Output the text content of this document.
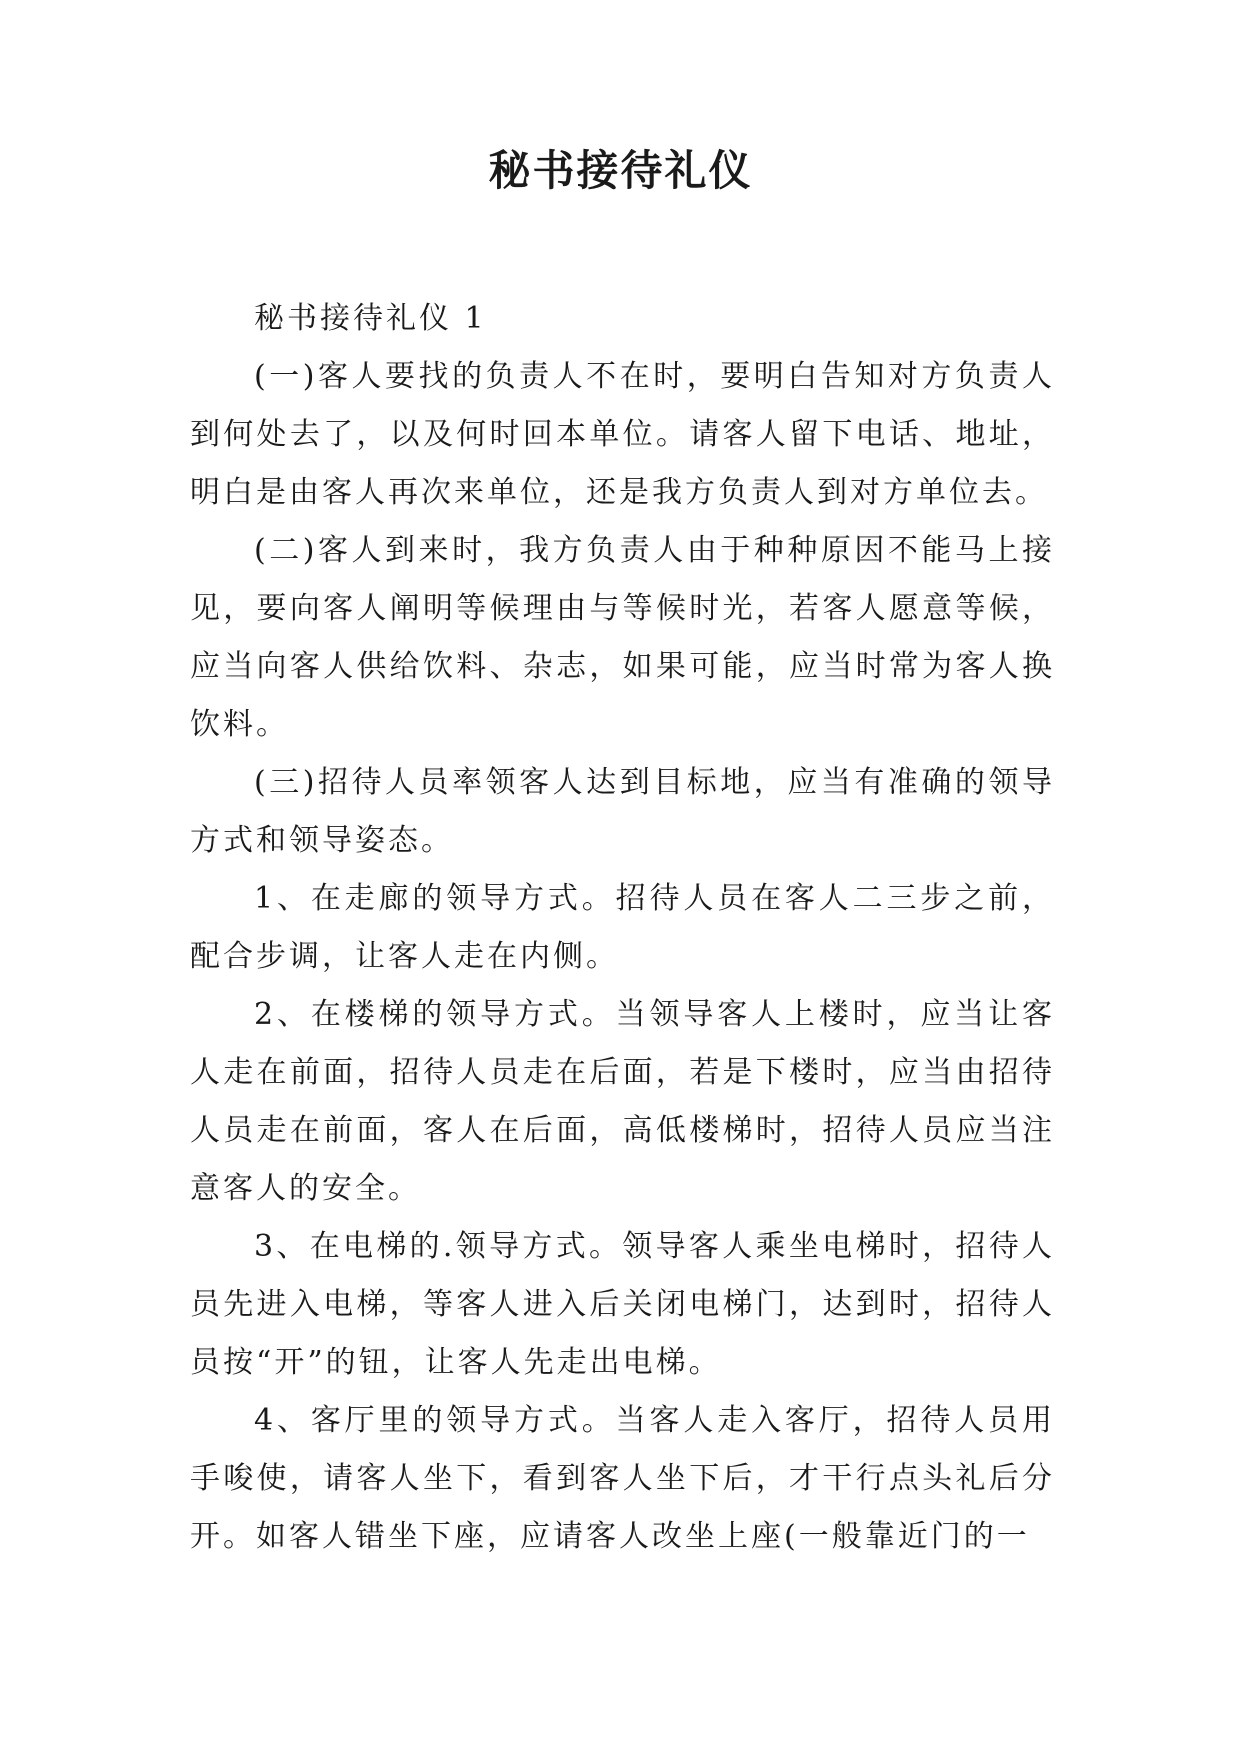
秘书接待礼仪

秘书接待礼仪 1

(一)客人要找的负责人不在时，要明白告知对方负责人到何处去了，以及何时回本单位。请客人留下电话、地址，明白是由客人再次来单位，还是我方负责人到对方单位去。

(二)客人到来时，我方负责人由于种种原因不能马上接见，要向客人阐明等候理由与等候时光，若客人愿意等候，应当向客人供给饮料、杂志，如果可能，应当时常为客人换饮料。

(三)招待人员率领客人达到目标地，应当有准确的领导方式和领导姿态。

1、在走廊的领导方式。招待人员在客人二三步之前，配合步调，让客人走在内侧。

2、在楼梯的领导方式。当领导客人上楼时，应当让客人走在前面，招待人员走在后面，若是下楼时，应当由招待人员走在前面，客人在后面，高低楼梯时，招待人员应当注意客人的安全。

3、在电梯的.领导方式。领导客人乘坐电梯时，招待人员先进入电梯，等客人进入后关闭电梯门，达到时，招待人员按“开”的钮，让客人先走出电梯。

4、客厅里的领导方式。当客人走入客厅，招待人员用手唆使，请客人坐下，看到客人坐下后，才干行点头礼后分开。如客人错坐下座，应请客人改坐上座(一般靠近门的一
